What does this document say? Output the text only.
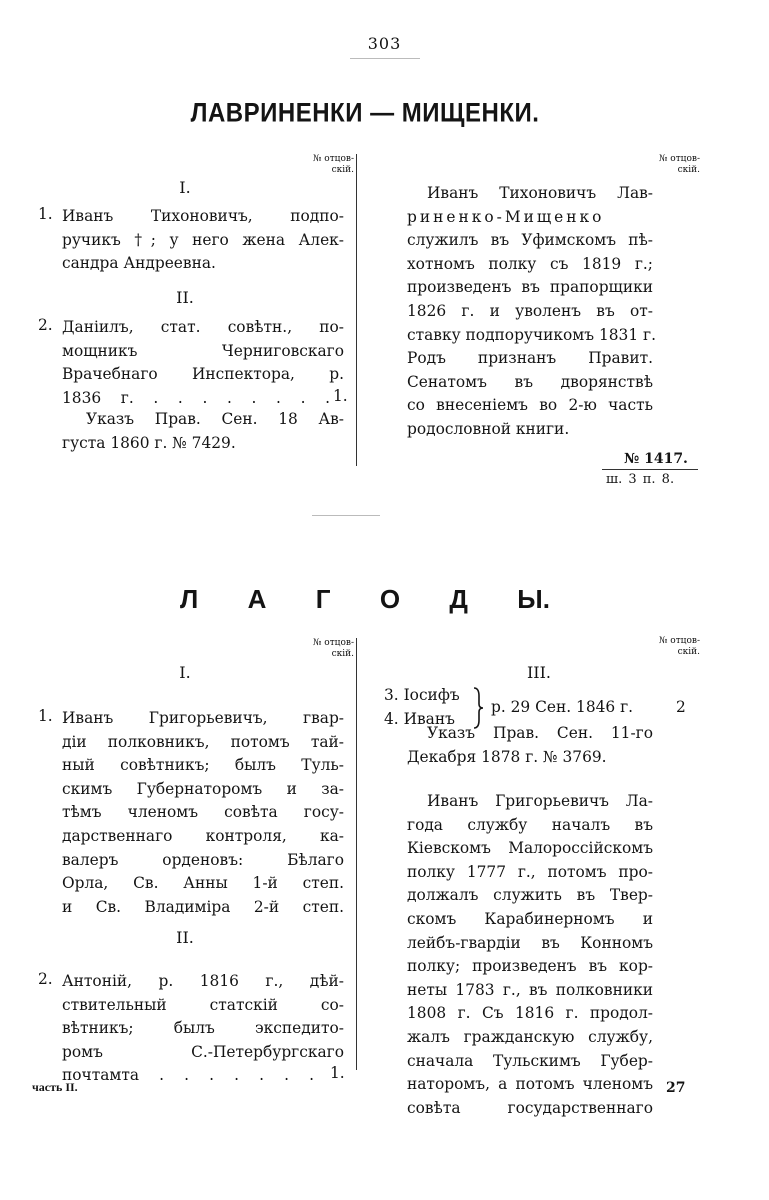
303
ЛАВРИНЕНКИ — МИЩЕНКИ.
№ отцов-
скій.
№ отцов-
скій.
I.
1. Иванъ Тихоновичъ, подпо-
ручикъ †; у него жена Алек-
сандра Андреевна.
II.
2. Даніилъ, стат. совѣтн., по-
мощникъ Черниговскаго
Врачебнаго Инспектора, р.
1836 г. . . . . . . . . 1.
Указъ Прав. Сен. 18 Ав-
густа 1860 г. № 7429.
Иванъ Тихоновичъ Лав-
риненко-Мищенко
служилъ въ Уфимскомъ пѣ-
хотномъ полку съ 1819 г.;
произведенъ въ прапорщики
1826 г. и уволенъ въ от-
ставку подпоручикомъ 1831 г.
Родъ признанъ Правит.
Сенатомъ въ дворянствѣ
со внесеніемъ во 2-ю часть
родословной книги.
№ 1417.
ш. 3 п. 8.
Л А Г О Д Ы.
№ отцов-
скій.
№ отцов-
скій.
I.
1. Иванъ Григорьевичъ, гвар-
діи полковникъ, потомъ тай-
ный совѣтникъ; былъ Туль-
скимъ Губернаторомъ и за-
тѣмъ членомъ совѣта госу-
дарственнаго контроля, ка-
валеръ орденовъ: Бѣлаго
Орла, Св. Анны 1-й степ.
и Св. Владиміра 2-й степ.
II.
2. Антоній, р. 1816 г., дѣй-
ствительный статскій со-
вѣтникъ; былъ экспедито-
ромъ С.-Петербургскаго
почтамта . . . . . . . 1.
III.
3. Іосифъ
4. Иванъ
р. 29 Сен. 1846 г.	2
Указъ Прав. Сен. 11-го
Декабря 1878 г. № 3769.
Иванъ Григорьевичъ Ла-
года службу началъ въ
Кіевскомъ Малороссійскомъ
полку 1777 г., потомъ про-
должалъ служить въ Твер-
скомъ Карабинерномъ и
лейбъ-гвардіи въ Конномъ
полку; произведенъ въ кор-
неты 1783 г., въ полковники
1808 г. Съ 1816 г. продол-
жалъ гражданскую службу,
сначала Тульскимъ Губер-
наторомъ, а потомъ членомъ
совѣта государственнаго
часть II.	27
